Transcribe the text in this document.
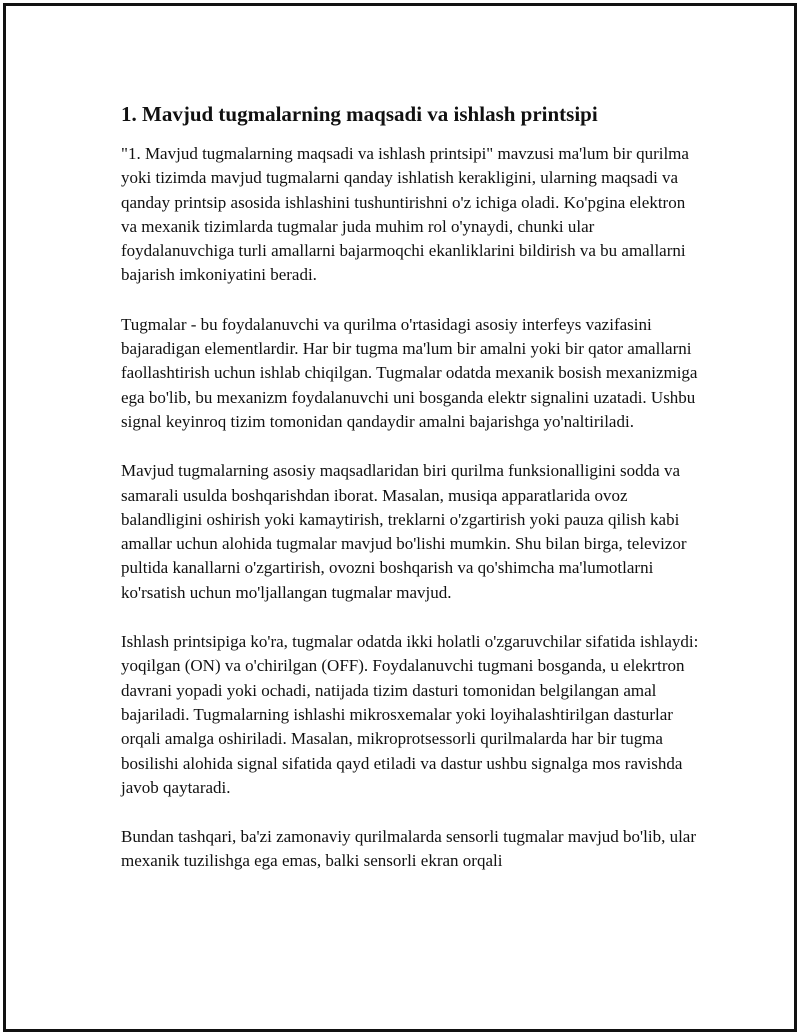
1. Mavjud tugmalarning maqsadi va ishlash printsipi

"1. Mavjud tugmalarning maqsadi va ishlash printsipi" mavzusi ma'lum bir qurilma yoki tizimda mavjud tugmalarni qanday ishlatish kerakligini, ularning maqsadi va qanday printsip asosida ishlashini tushuntirishni o'z ichiga oladi. Ko'pgina elektron va mexanik tizimlarda tugmalar juda muhim rol o'ynaydi, chunki ular foydalanuvchiga turli amallarni bajarmoqchi ekanliklarini bildirish va bu amallarni bajarish imkoniyatini beradi.

Tugmalar - bu foydalanuvchi va qurilma o'rtasidagi asosiy interfeys vazifasini bajaradigan elementlardir. Har bir tugma ma'lum bir amalni yoki bir qator amallarni faollashtirish uchun ishlab chiqilgan. Tugmalar odatda mexanik bosish mexanizmiga ega bo'lib, bu mexanizm foydalanuvchi uni bosganda elektr signalini uzatadi. Ushbu signal keyinroq tizim tomonidan qandaydir amalni bajarishga yo'naltiriladi.

Mavjud tugmalarning asosiy maqsadlaridan biri qurilma funksionalligini sodda va samarali usulda boshqarishdan iborat. Masalan, musiqa apparatlarida ovoz balandligini oshirish yoki kamaytirish, treklarni o'zgartirish yoki pauza qilish kabi amallar uchun alohida tugmalar mavjud bo'lishi mumkin. Shu bilan birga, televizor pultida kanallarni o'zgartirish, ovozni boshqarish va qo'shimcha ma'lumotlarni ko'rsatish uchun mo'ljallangan tugmalar mavjud.

Ishlash printsipiga ko'ra, tugmalar odatda ikki holatli o'zgaruvchilar sifatida ishlaydi: yoqilgan (ON) va o'chirilgan (OFF). Foydalanuvchi tugmani bosganda, u elekrtron davrani yopadi yoki ochadi, natijada tizim dasturi tomonidan belgilangan amal bajariladi. Tugmalarning ishlashi mikrosxemalar yoki loyihalashtirilgan dasturlar orqali amalga oshiriladi. Masalan, mikroprotsessorli qurilmalarda har bir tugma bosilishi alohida signal sifatida qayd etiladi va dastur ushbu signalga mos ravishda javob qaytaradi.

Bundan tashqari, ba'zi zamonaviy qurilmalarda sensorli tugmalar mavjud bo'lib, ular mexanik tuzilishga ega emas, balki sensorli ekran orqali
